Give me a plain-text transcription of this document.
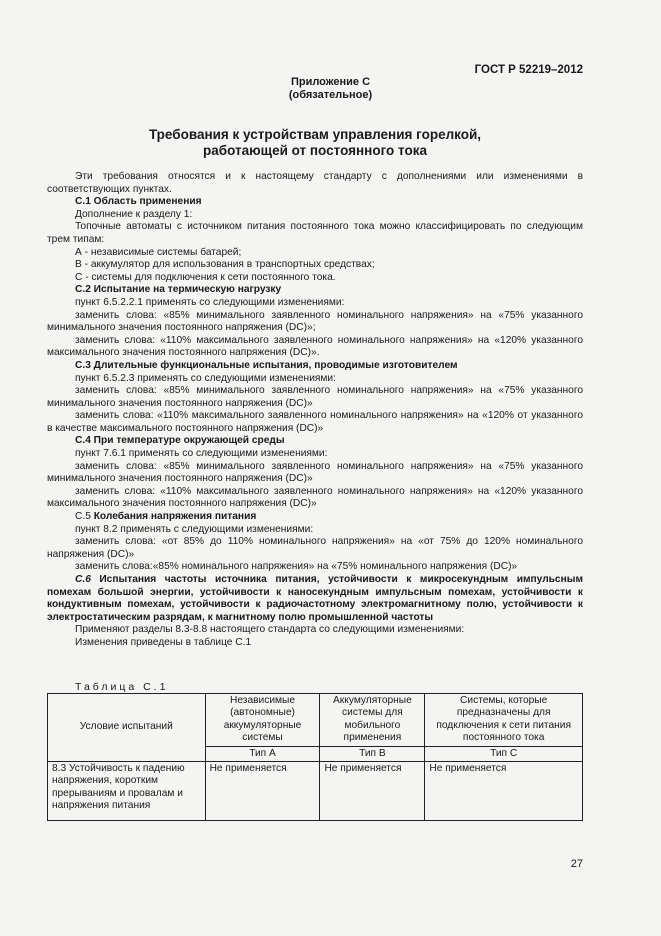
ГОСТ Р 52219–2012
Приложение С
(обязательное)
Требования к устройствам управления горелкой,
работающей от постоянного тока

Эти требования относятся и к настоящему стандарту с дополнениями или изменениями в соответствующих пунктах.

С.1 Область применения

Дополнение к разделу 1:

Топочные автоматы с источником питания постоянного тока можно классифицировать по следующим трем типам:

А - независимые системы батарей;

В - аккумулятор для использования в транспортных средствах;

С - системы для подключения к сети постоянного тока.

С.2 Испытание на термическую нагрузку

пункт 6.5.2.2.1 применять со следующими изменениями:

заменить слова: «85% минимального заявленного номинального напряжения» на «75% указанного минимального значения постоянного напряжения (DC)»;

заменить слова: «110% максимального заявленного номинального напряжения» на «120% указанного максимального значения постоянного напряжения (DC)».

С.3 Длительные функциональные испытания, проводимые изготовителем

пункт 6.5.2.3 применять со следующими изменениями:

заменить слова: «85% минимального заявленного номинального напряжения» на «75% указанного минимального значения постоянного напряжения (DC)»

заменить слова: «110% максимального заявленного номинального напряжения» на «120% от указанного в качестве максимального постоянного напряжения (DC)»

С.4 При температуре окружающей среды

пункт 7.6.1 применять со следующими изменениями:

заменить слова: «85% минимального заявленного номинального напряжения» на «75% указанного минимального значения постоянного напряжения (DC)»

заменить слова: «110% максимального заявленного номинального напряжения» на «120% указанного максимального значения постоянного напряжения (DC)»

С.5 Колебания напряжения питания

пункт 8.2 применять с следующими изменениями:

заменить слова: «от 85% до 110% номинального напряжения» на «от 75% до 120% номинального напряжения (DC)»

заменить слова:«85% номинального напряжения» на «75% номинального напряжения (DC)»

С.6 Испытания частоты источника питания, устойчивости к микросекундным импульсным помехам большой энергии, устойчивости к наносекундным импульсным помехам, устойчивости к кондуктивным помехам, устойчивости к радиочастотному электромагнитному полю, устойчивости к электростатическим разрядам, к магнитному полю промышленной частоты

Применяют разделы 8.3-8.8 настоящего стандарта со следующими изменениями:

Изменения приведены в таблице С.1

Таблица С.1
Условие испытаний	Независимые (автономные) аккумуляторные системы	Аккумуляторные системы для мобильного применения	Системы, которые предназначены для подключения к сети питания постоянного тока
	Тип А	Тип В	Тип С
8.3 Устойчивость к падению напряжения, коротким прерываниям и провалам и напряжения питания	Не применяется	Не применяется	Не применяется
27
